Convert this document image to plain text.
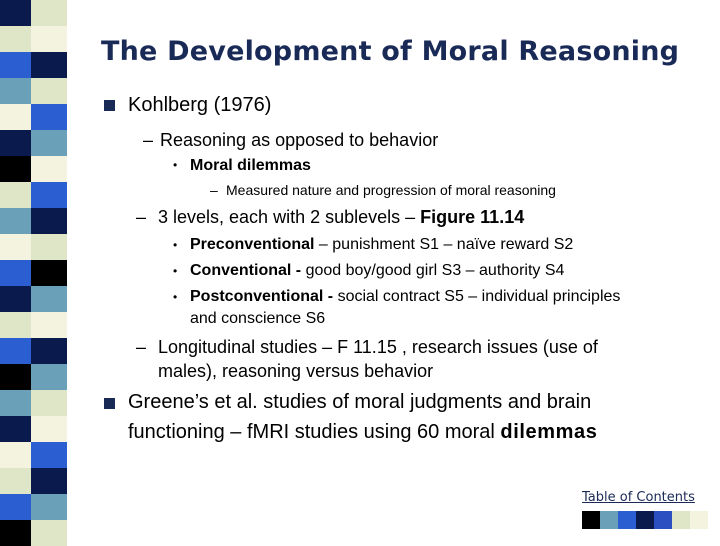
The Development of Moral Reasoning
Kohlberg (1976)
– Reasoning as opposed to behavior
• Moral dilemmas
– Measured nature and progression of moral reasoning
– 3 levels, each with 2 sublevels – Figure 11.14
• Preconventional – punishment S1 – naïve reward S2
• Conventional - good boy/good girl S3 – authority S4
• Postconventional - social contract S5 – individual principles
and conscience S6
– Longitudinal studies – F 11.15 , research issues (use of
males), reasoning versus behavior
Greene’s et al. studies of moral judgments and brain
functioning – fMRI studies using 60 moral dilemmas
Table of Contents
